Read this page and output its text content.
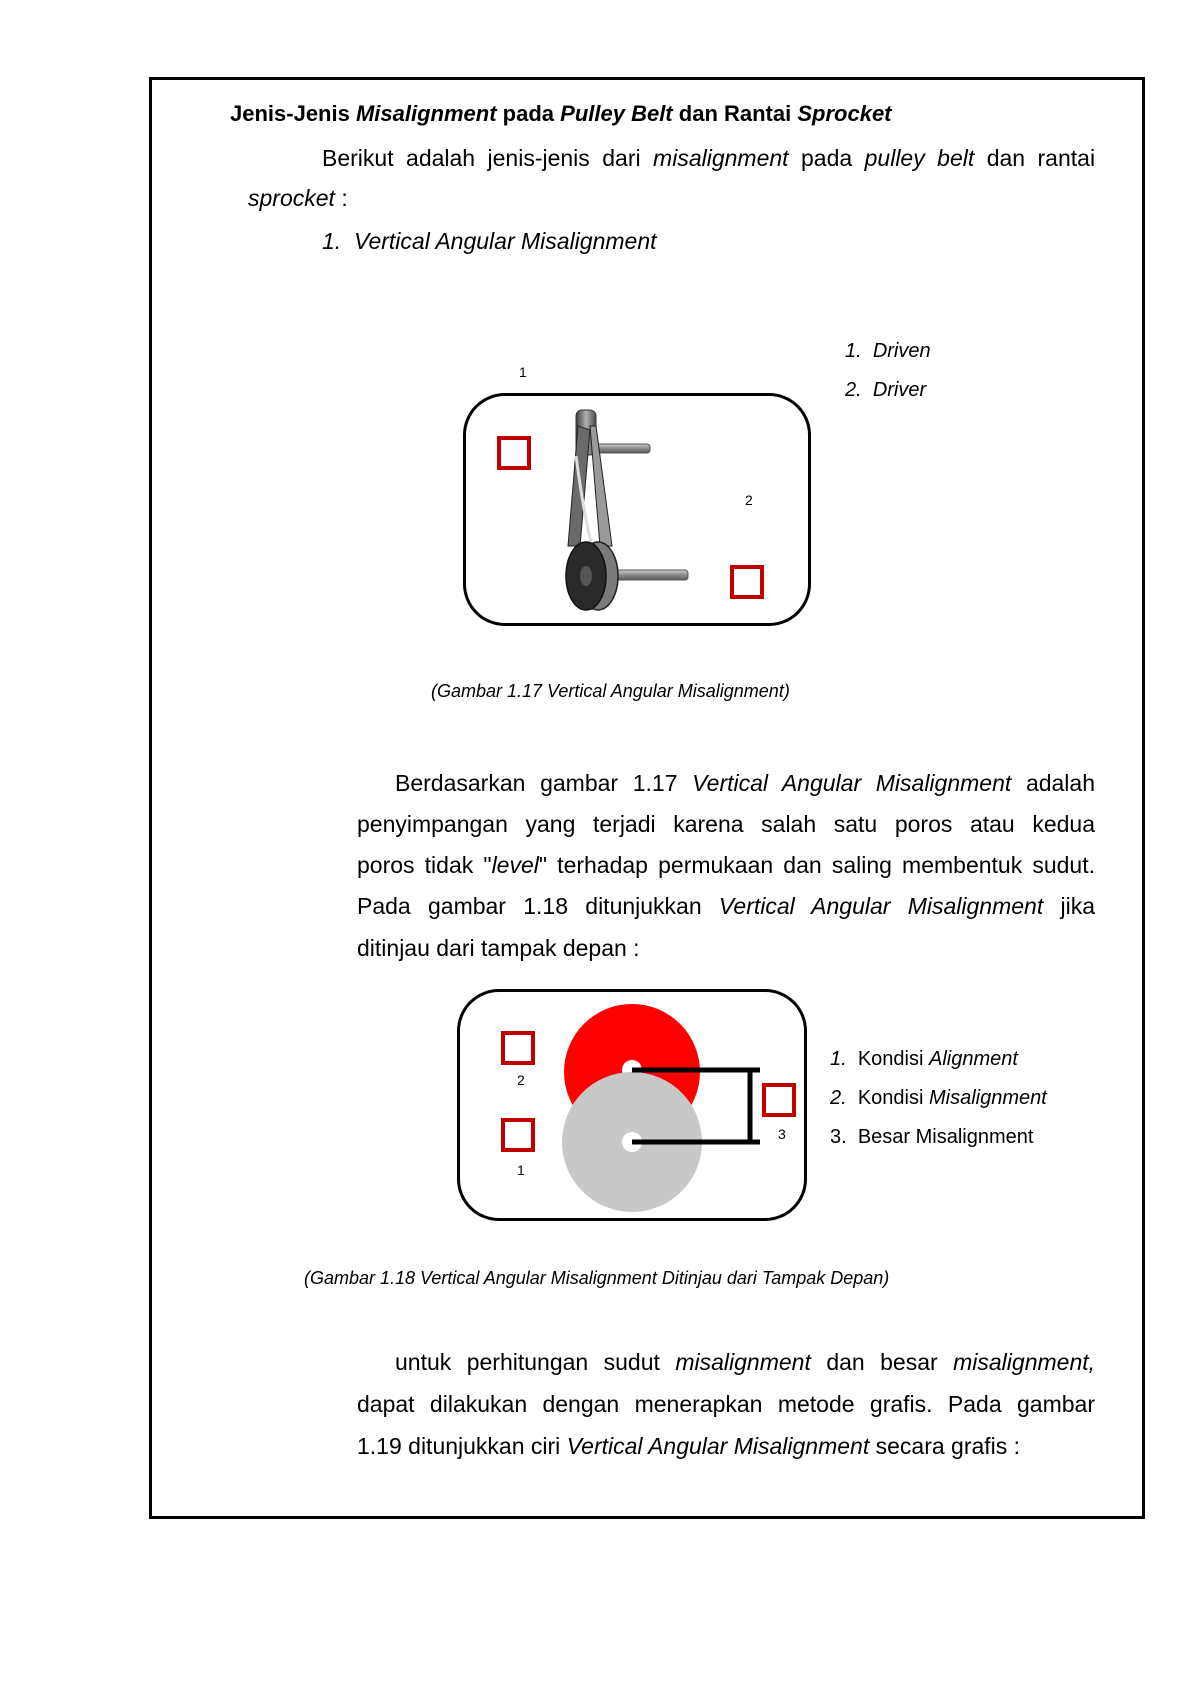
Jenis-Jenis Misalignment pada Pulley Belt dan Rantai Sprocket
Berikut adalah jenis-jenis dari misalignment pada pulley belt dan rantai
sprocket :
1. Vertical Angular Misalignment
1
2
1. Driven
2. Driver
(Gambar 1.17 Vertical Angular Misalignment)
Berdasarkan gambar 1.17 Vertical Angular Misalignment adalah
penyimpangan yang terjadi karena salah satu poros atau kedua
poros tidak "level" terhadap permukaan dan saling membentuk sudut.
Pada gambar 1.18 ditunjukkan Vertical Angular Misalignment jika
ditinjau dari tampak depan :
2
1
3
1. Kondisi Alignment
2. Kondisi Misalignment
3. Besar Misalignment
(Gambar 1.18 Vertical Angular Misalignment Ditinjau dari Tampak Depan)
untuk perhitungan sudut misalignment dan besar misalignment,
dapat dilakukan dengan menerapkan metode grafis. Pada gambar
1.19 ditunjukkan ciri Vertical Angular Misalignment secara grafis :
